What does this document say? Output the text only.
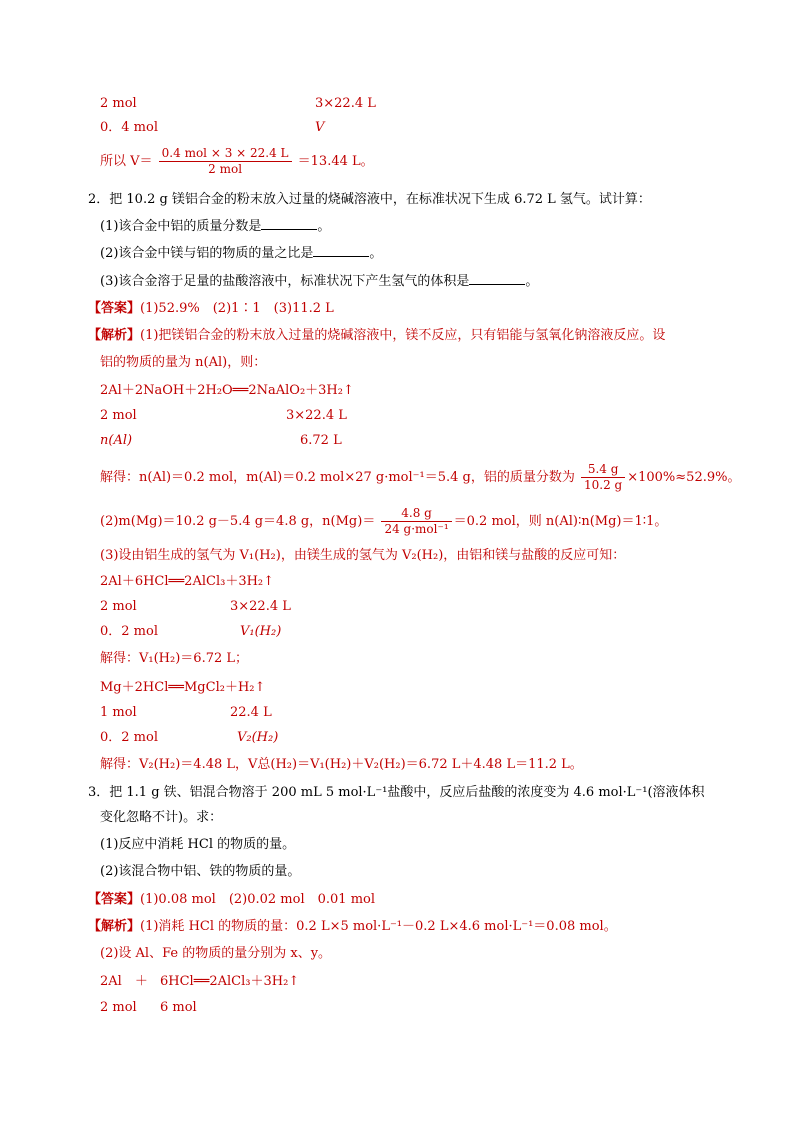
2 mol	3×22.4 L
0．4 mol	V
所以 $V= \frac{\text{0.4 mol × 3 × 22.4 L}}{\text{2 mol}} =13.44$ L。
2．把 10.2 g 镁铝合金的粉末放入过量的烧碱溶液中，在标准状况下生成 6.72 L 氢气。试计算：
(1)该合金中铝的质量分数是	。
(2)该合金中镁与铝的物质的量之比是	。
(3)该合金溶于足量的盐酸溶液中，标准状况下产生氢气的体积是	。
【答案】(1)52.9%　(2)1∶1　(3)11.2 L
【解析】(1)把镁铝合金的粉末放入过量的烧碱溶液中，镁不反应，只有铝能与氢氧化钠溶液反应。设
铝的物质的量为 n(Al)，则：
2Al＋2NaOH＋2H₂O══2NaAlO₂＋3H₂↑
2 mol	3×22.4 L
n(Al)	6.72 L
解得：n(Al)＝0.2 mol，m(Al)＝0.2 mol×27 g·mol⁻¹＝5.4 g，铝的质量分数为 $\frac{5.4 g}{10.2 g} \times 100\%\approx 52.9\%$。
(2)m(Mg)＝10.2 g－5.4 g＝4.8 g，$n(Mg)= \frac{4.8 g}{\text{24 g·mol⁻¹}} =0.2$ mol，则 n(Al)∶n(Mg)＝1∶1。
(3)设由铝生成的氢气为 V₁(H₂)，由镁生成的氢气为 V₂(H₂)，由铝和镁与盐酸的反应可知：
2Al＋6HCl══2AlCl₃＋3H₂↑
2 mol	3×22.4 L
0．2 mol	V₁(H₂)
解得：V₁(H₂)＝6.72 L；
Mg＋2HCl══MgCl₂＋H₂↑
1 mol	22.4 L
0．2 mol	V₂(H₂)
解得：V₂(H₂)＝4.48 L，V总(H₂)＝V₁(H₂)＋V₂(H₂)＝6.72 L＋4.48 L＝11.2 L。
3．把 1.1 g 铁、铝混合物溶于 200 mL 5 mol·L⁻¹盐酸中，反应后盐酸的浓度变为 4.6 mol·L⁻¹(溶液体积
变化忽略不计)。求：
(1)反应中消耗 HCl 的物质的量。
(2)该混合物中铝、铁的物质的量。
【答案】(1)0.08 mol　(2)0.02 mol　0.01 mol
【解析】(1)消耗 HCl 的物质的量：0.2 L×5 mol·L⁻¹－0.2 L×4.6 mol·L⁻¹＝0.08 mol。
(2)设 Al、Fe 的物质的量分别为 x、y。
2Al　＋ 6HCl══2AlCl₃＋3H₂↑
2 mol 6 mol
